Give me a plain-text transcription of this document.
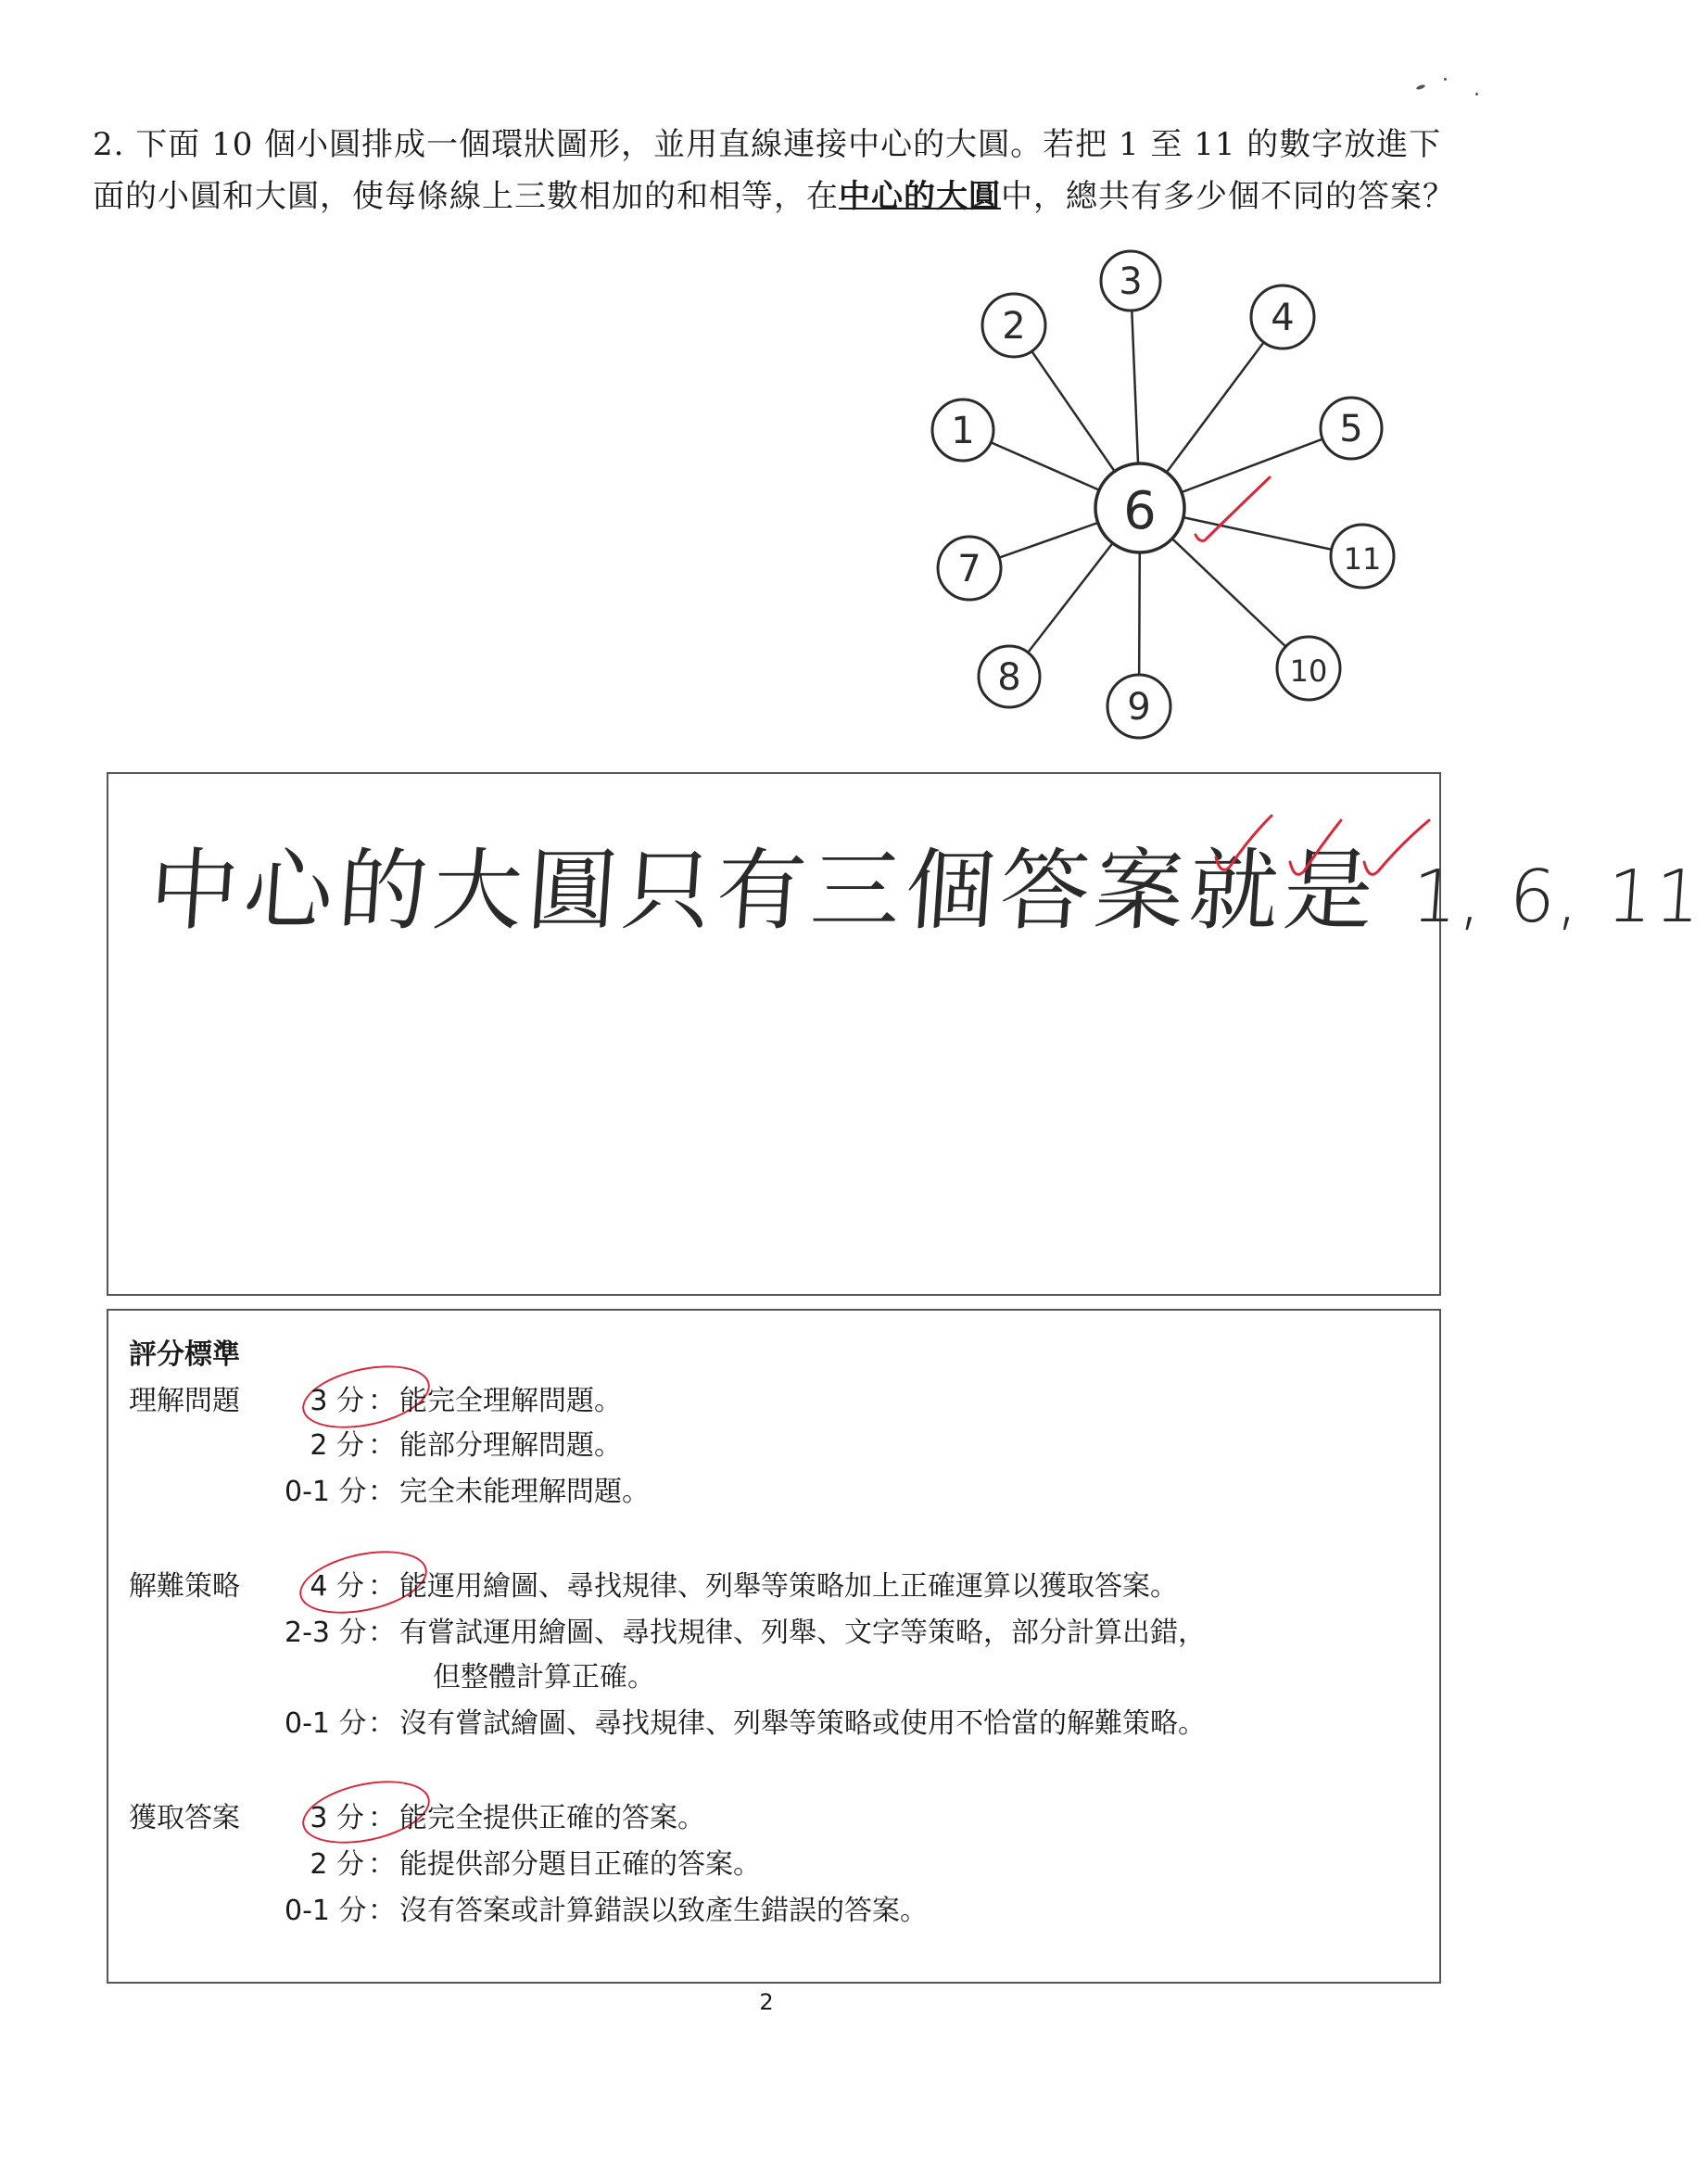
2. 下面 10 個小圓排成一個環狀圖形，並用直線連接中心的大圓。若把 1 至 11 的數字放進下面的小圓和大圓，使每條線上三數相加的和相等，在中心的大圓中，總共有多少個不同的答案？
3
4
5
11
10
9
8
7
1
2
6
中心的大圓只有三個答案就是 1, 6, 11
評分標準
理解問題	3 分 ： 能完全理解問題。
2 分 ： 能部分理解問題。
0-1 分： 完全未能理解問題。
解難策略	4 分 ： 能運用繪圖、尋找規律、列舉等策略加上正確運算以獲取答案。
2-3 分： 有嘗試運用繪圖、尋找規律、列舉、文字等策略，部分計算出錯，
但整體計算正確。
0-1 分： 沒有嘗試繪圖、尋找規律、列舉等策略或使用不恰當的解難策略。
獲取答案	3 分 ： 能完全提供正確的答案。
2 分 ： 能提供部分題目正確的答案。
0-1 分： 沒有答案或計算錯誤以致產生錯誤的答案。
2
